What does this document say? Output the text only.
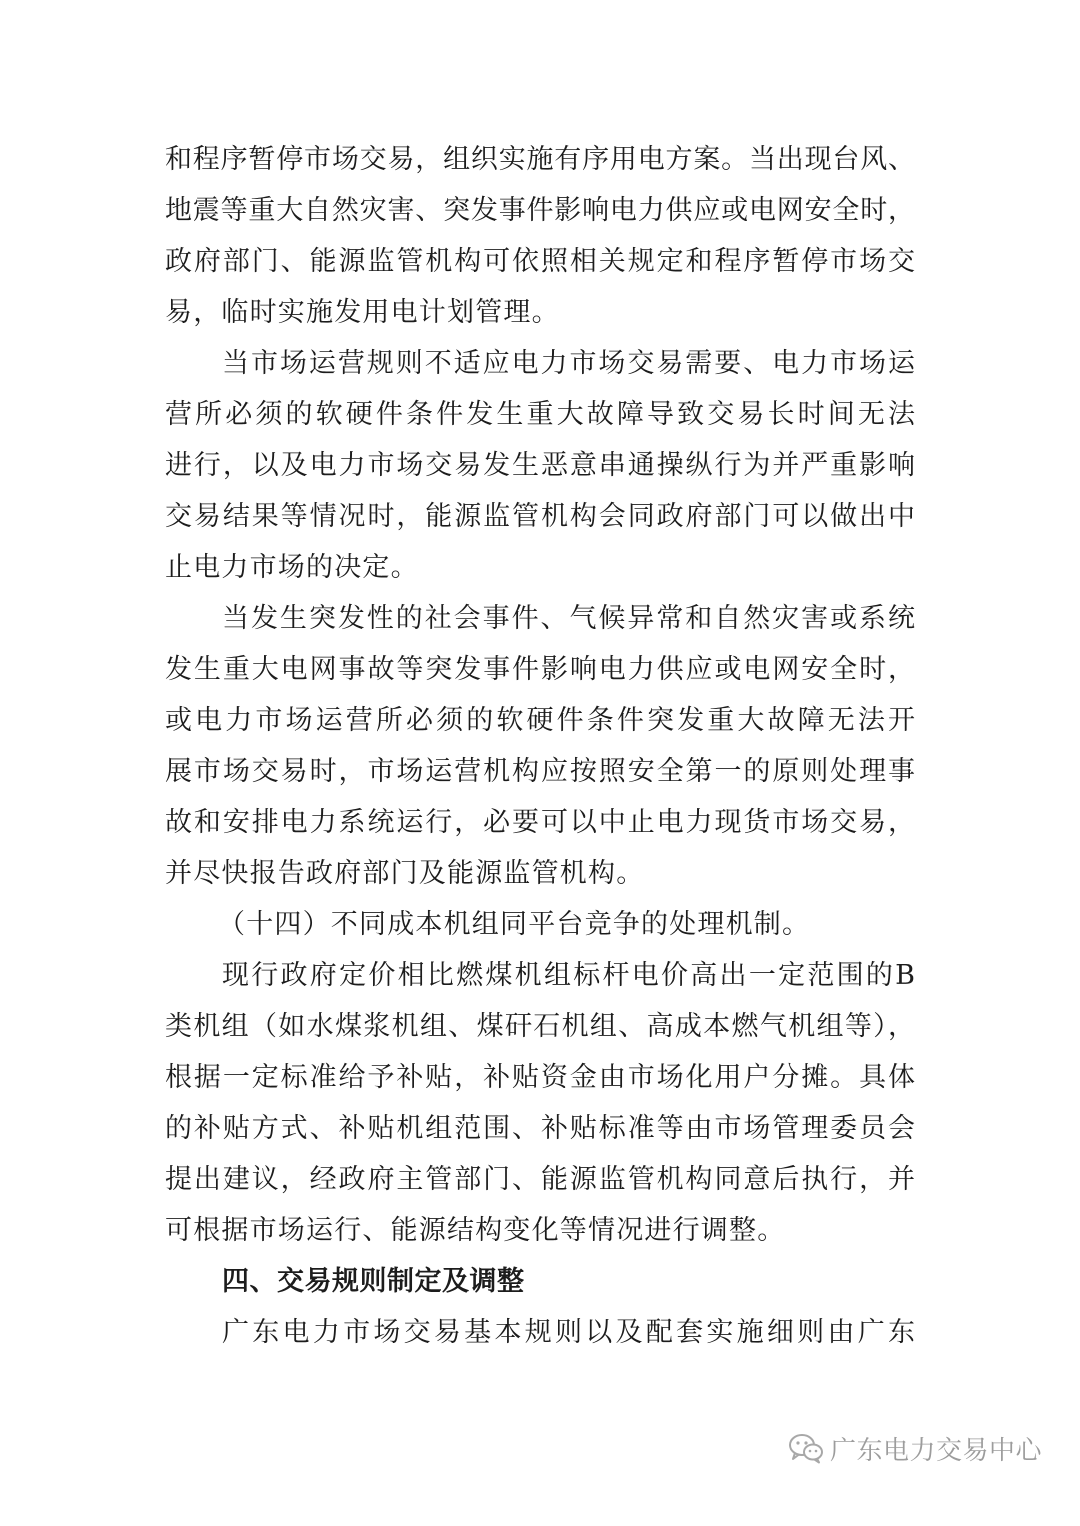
和程序暂停市场交易，组织实施有序用电方案。当出现台风、
地震等重大自然灾害、突发事件影响电力供应或电网安全时，
政府部门、能源监管机构可依照相关规定和程序暂停市场交
易，临时实施发用电计划管理。
当市场运营规则不适应电力市场交易需要、电力市场运
营所必须的软硬件条件发生重大故障导致交易长时间无法
进行，以及电力市场交易发生恶意串通操纵行为并严重影响
交易结果等情况时，能源监管机构会同政府部门可以做出中
止电力市场的决定。
当发生突发性的社会事件、气候异常和自然灾害或系统
发生重大电网事故等突发事件影响电力供应或电网安全时，
或电力市场运营所必须的软硬件条件突发重大故障无法开
展市场交易时，市场运营机构应按照安全第一的原则处理事
故和安排电力系统运行，必要可以中止电力现货市场交易，
并尽快报告政府部门及能源监管机构。
（十四）不同成本机组同平台竞争的处理机制。
现行政府定价相比燃煤机组标杆电价高出一定范围的B
类机组（如水煤浆机组、煤矸石机组、高成本燃气机组等），
根据一定标准给予补贴，补贴资金由市场化用户分摊。具体
的补贴方式、补贴机组范围、补贴标准等由市场管理委员会
提出建议，经政府主管部门、能源监管机构同意后执行，并
可根据市场运行、能源结构变化等情况进行调整。
四、交易规则制定及调整
广东电力市场交易基本规则以及配套实施细则由广东
广东电力交易中心
